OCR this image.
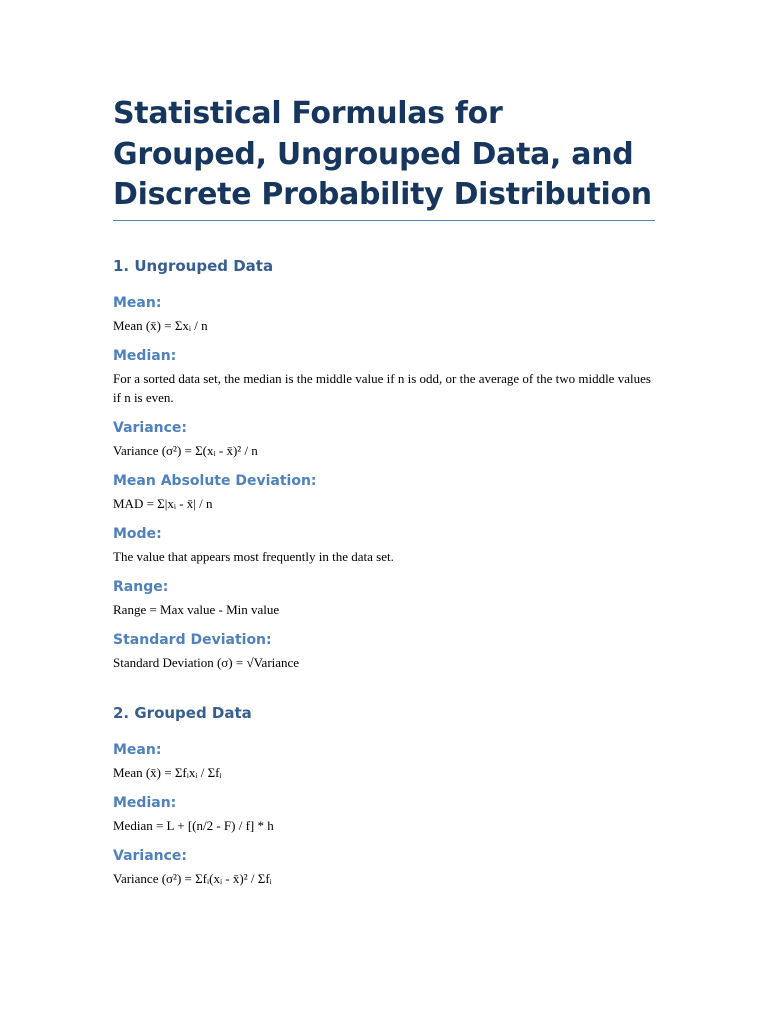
Statistical Formulas for Grouped, Ungrouped Data, and Discrete Probability Distribution
1. Ungrouped Data
Mean:
Mean (x̄) = Σxᵢ / n
Median:
For a sorted data set, the median is the middle value if n is odd, or the average of the two middle values if n is even.
Variance:
Variance (σ²) = Σ(xᵢ - x̄)² / n
Mean Absolute Deviation:
MAD = Σ|xᵢ - x̄| / n
Mode:
The value that appears most frequently in the data set.
Range:
Range = Max value - Min value
Standard Deviation:
Standard Deviation (σ) = √Variance
2. Grouped Data
Mean:
Mean (x̄) = Σfᵢxᵢ / Σfᵢ
Median:
Median = L + [(n/2 - F) / f] * h
Variance:
Variance (σ²) = Σfᵢ(xᵢ - x̄)² / Σfᵢ
